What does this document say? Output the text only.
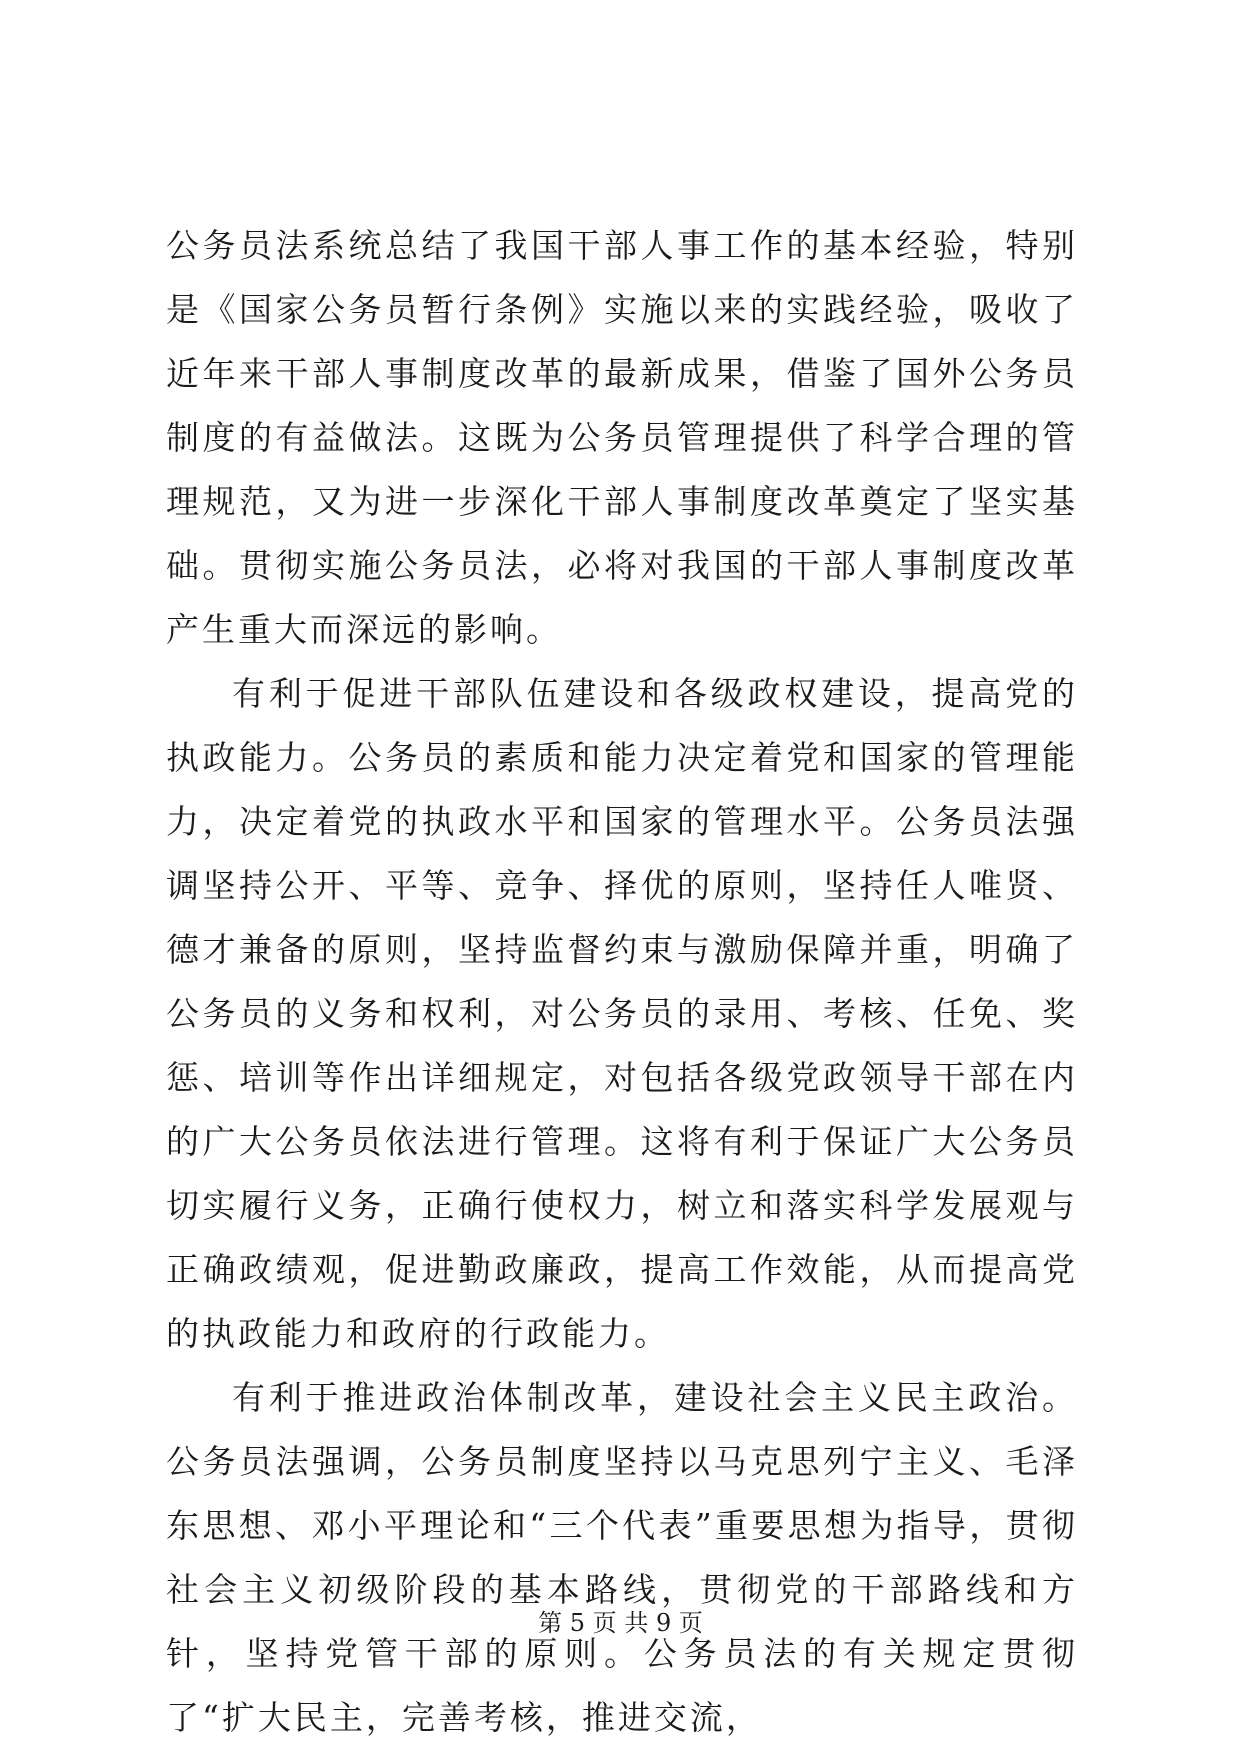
公务员法系统总结了我国干部人事工作的基本经验，特别是《国家公务员暂行条例》实施以来的实践经验，吸收了近年来干部人事制度改革的最新成果，借鉴了国外公务员制度的有益做法。这既为公务员管理提供了科学合理的管理规范，又为进一步深化干部人事制度改革奠定了坚实基础。贯彻实施公务员法，必将对我国的干部人事制度改革产生重大而深远的影响。

有利于促进干部队伍建设和各级政权建设，提高党的执政能力。公务员的素质和能力决定着党和国家的管理能力，决定着党的执政水平和国家的管理水平。公务员法强调坚持公开、平等、竞争、择优的原则，坚持任人唯贤、德才兼备的原则，坚持监督约束与激励保障并重，明确了公务员的义务和权利，对公务员的录用、考核、任免、奖惩、培训等作出详细规定，对包括各级党政领导干部在内的广大公务员依法进行管理。这将有利于保证广大公务员切实履行义务，正确行使权力，树立和落实科学发展观与正确政绩观，促进勤政廉政，提高工作效能，从而提高党的执政能力和政府的行政能力。

有利于推进政治体制改革，建设社会主义民主政治。公务员法强调，公务员制度坚持以马克思列宁主义、毛泽东思想、邓小平理论和“三个代表”重要思想为指导，贯彻社会主义初级阶段的基本路线，贯彻党的干部路线和方针，坚持党管干部的原则。公务员法的有关规定贯彻了“扩大民主，完善考核，推进交流，

第 5 页 共 9 页
